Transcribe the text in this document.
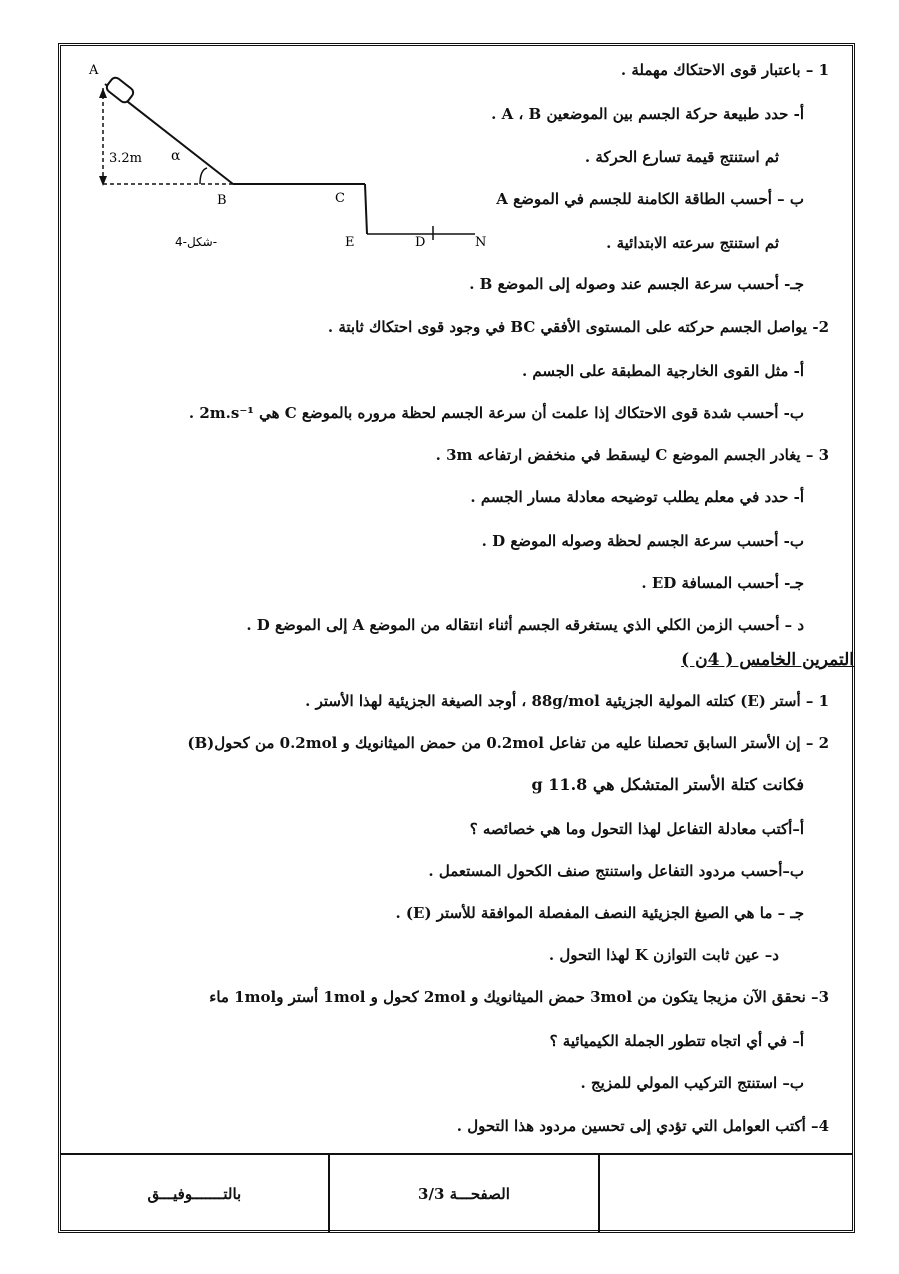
A
3.2m α
B	C
E	D	N
شكل-4-
1 – باعتبار قوى الاحتكاك مهملة .
أ- حدد طبيعة حركة الجسم بين الموضعين A ، B .
ثم استنتج قيمة تسارع الحركة .
ب – أحسب الطاقة الكامنة للجسم في الموضع A
ثم استنتج سرعته الابتدائية .
جـ- أحسب سرعة الجسم عند وصوله إلى الموضع B .
2- يواصل الجسم حركته على المستوى الأفقي BC في وجود قوى احتكاك ثابتة .
أ- مثل القوى الخارجية المطبقة على الجسم .
ب- أحسب شدة قوى الاحتكاك إذا علمت أن سرعة الجسم لحظة مروره بالموضع C هي 2m.s⁻¹ .
3 – يغادر الجسم الموضع C ليسقط في منخفض ارتفاعه 3m .
أ- حدد في معلم يطلب توضيحه معادلة مسار الجسم .
ب- أحسب سرعة الجسم لحظة وصوله الموضع D .
جـ- أحسب المسافة ED .
د – أحسب الزمن الكلي الذي يستغرقه الجسم أثناء انتقاله من الموضع A إلى الموضع D .
التمرين الخامس ( 4ن )
1 – أستر (E) كتلته المولية الجزيئية 88g/mol ، أوجد الصيغة الجزيئية لهذا الأستر .
2 – إن الأستر السابق تحصلنا عليه من تفاعل 0.2mol من حمض الميثانويك و 0.2mol من كحول(B)
فكانت كتلة الأستر المتشكل هي 11.8 g
أ–أكتب معادلة التفاعل لهذا التحول وما هي خصائصه ؟
ب–أحسب مردود التفاعل واستنتج صنف الكحول المستعمل .
جـ – ما هي الصيغ الجزيئية النصف المفصلة الموافقة للأستر (E) .
د– عين ثابت التوازن K لهذا التحول .
3– نحقق الآن مزيجا يتكون من 3mol حمض الميثانويك و 2mol كحول و 1mol أستر و1mol ماء
أ– في أي اتجاه تتطور الجملة الكيميائية ؟
ب– استنتج التركيب المولي للمزيج .
4– أكتب العوامل التي تؤدي إلى تحسين مردود هذا التحول .
بالتـــــــوفيـــق	الصفحـــة 3/3
